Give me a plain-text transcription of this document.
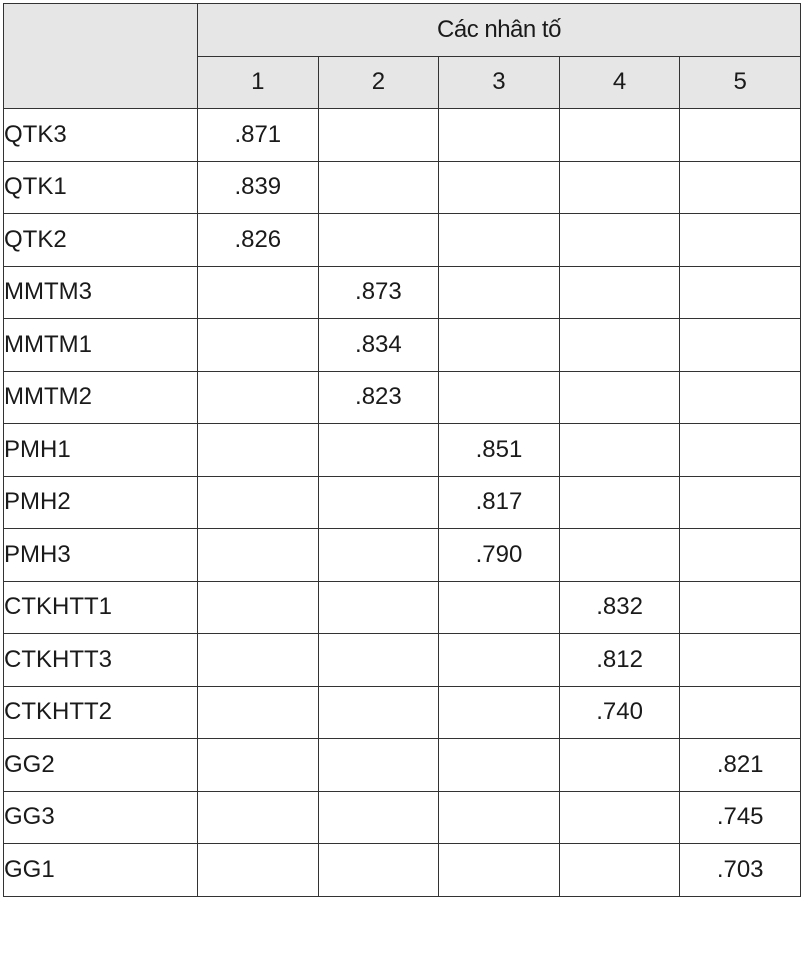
	Các nhân tố				
	1	2	3	4	5
QTK3	.871				
QTK1	.839				
QTK2	.826				
MMTM3		.873			
MMTM1		.834			
MMTM2		.823			
PMH1			.851		
PMH2			.817		
PMH3			.790		
CTKHTT1				.832	
CTKHTT3				.812	
CTKHTT2				.740	
GG2					.821
GG3					.745
GG1					.703
